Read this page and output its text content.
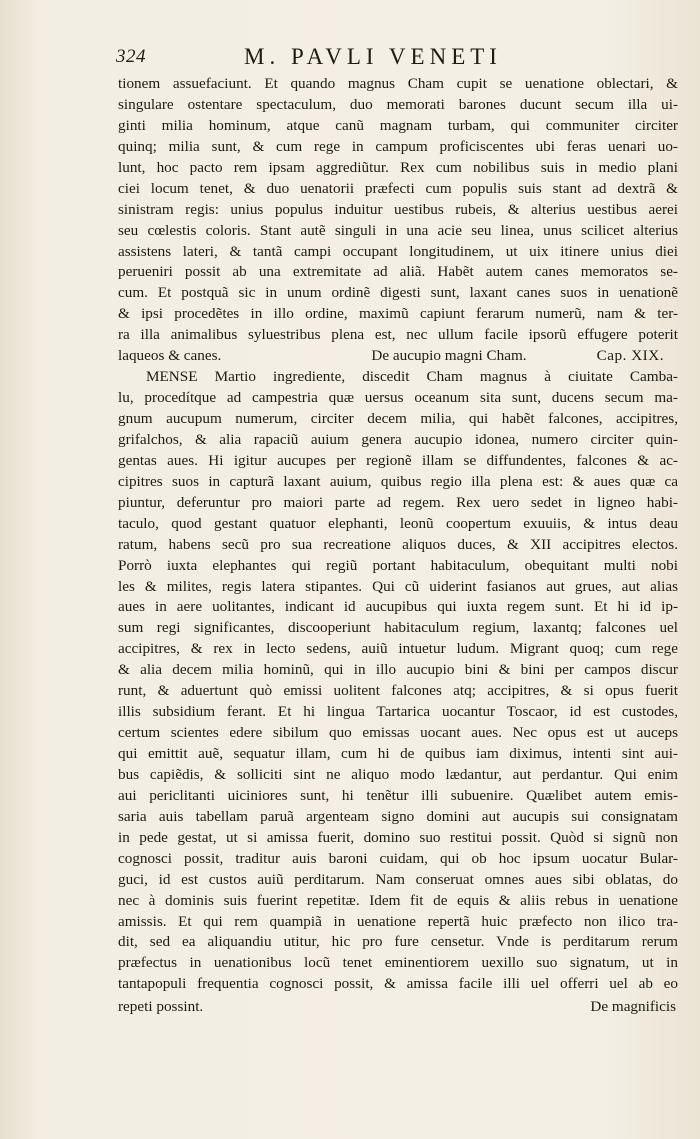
324	M. PAVLI VENETI
tionem assuefaciunt. Et quando magnus Cham cupit se uenatione oblectari, &
singulare ostentare spectaculum, duo memorati barones ducunt secum illa ui-
ginti milia hominum, atque canũ magnam turbam, qui communiter circiter
quinq; milia sunt, & cum rege in campum proficiscentes ubi feras uenari uo-
lunt, hoc pacto rem ipsam aggrediũtur. Rex cum nobilibus suis in medio plani
ciei locum tenet, & duo uenatorii præfecti cum populis suis stant ad dextrã &
sinistram regis: unius populus induitur uestibus rubeis, & alterius uestibus aerei
seu cœlestis coloris. Stant autẽ singuli in una acie seu linea, unus scilicet alterius
assistens lateri, & tantã campi occupant longitudinem, ut uix itinere unius diei
perueniri possit ab una extremitate ad aliã. Habẽt autem canes memoratos se-
cum. Et postquã sic in unum ordinẽ digesti sunt, laxant canes suos in uenationẽ
& ipsi procedẽtes in illo ordine, maximũ capiunt ferarum numerũ, nam & ter-
ra illa animalibus syluestribus plena est, nec ullum facile ipsorũ effugere poterit
laqueos & canes.	De aucupio magni Cham.	Cap. XIX.
MENSE Martio ingrediente, discedit Cham magnus à ciuitate Camba-
lu, procedítque ad campestria quæ uersus oceanum sita sunt, ducens secum ma-
gnum aucupum numerum, circiter decem milia, qui habẽt falcones, accipitres,
grifalchos, & alia rapaciũ auium genera aucupio idonea, numero circiter quin-
gentas aues. Hi igitur aucupes per regionẽ illam se diffundentes, falcones & ac-
cipitres suos in capturã laxant auium, quibus regio illa plena est: & aues quæ ca
piuntur, deferuntur pro maiori parte ad regem. Rex uero sedet in ligneo habi-
taculo, quod gestant quatuor elephanti, leonũ coopertum exuuiis, & intus deau
ratum, habens secũ pro sua recreatione aliquos duces, & XII accipitres electos.
Porrò iuxta elephantes qui regiũ portant habitaculum, obequitant multi nobi
les & milites, regis latera stipantes. Qui cũ uiderint fasianos aut grues, aut alias
aues in aere uolitantes, indicant id aucupibus qui iuxta regem sunt. Et hi id ip-
sum regi significantes, discooperiunt habitaculum regium, laxantq; falcones uel
accipitres, & rex in lecto sedens, auiũ intuetur ludum. Migrant quoq; cum rege
& alia decem milia hominũ, qui in illo aucupio bini & bini per campos discur
runt, & aduertunt quò emissi uolitent falcones atq; accipitres, & si opus fuerit
illis subsidium ferant. Et hi lingua Tartarica uocantur Toscaor, id est custodes,
certum scientes edere sibilum quo emissas uocant aues. Nec opus est ut auceps
qui emittit auẽ, sequatur illam, cum hi de quibus iam diximus, intenti sint aui-
bus capiẽdis, & solliciti sint ne aliquo modo lædantur, aut perdantur. Qui enim
aui periclitanti uiciniores sunt, hi tenẽtur illi subuenire. Quælibet autem emis-
saria auis tabellam paruã argenteam signo domini aut aucupis sui consignatam
in pede gestat, ut si amissa fuerit, domino suo restitui possit. Quòd si signũ non
cognosci possit, traditur auis baroni cuidam, qui ob hoc ipsum uocatur Bular-
guci, id est custos auiũ perditarum. Nam conseruat omnes aues sibi oblatas, do
nec à dominis suis fuerint repetitæ. Idem fit de equis & aliis rebus in uenatione
amissis. Et qui rem quampiã in uenatione repertã huic præfecto non ilico tra-
dit, sed ea aliquandiu utitur, hic pro fure censetur. Vnde is perditarum rerum
præfectus in uenationibus locũ tenet eminentiorem uexillo suo signatum, ut in
tantapopuli frequentia cognosci possit, & amissa facile illi uel offerri uel ab eo
repeti possint.	De magnificis
